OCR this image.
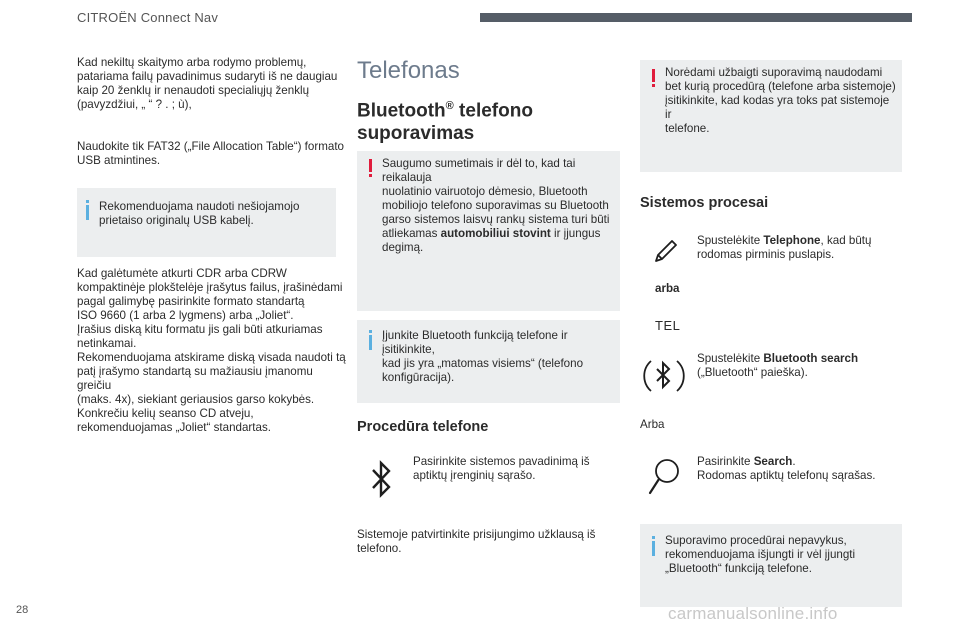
CITROËN Connect Nav
Kad nekiltų skaitymo arba rodymo problemų,
patariama failų pavadinimus sudaryti iš ne daugiau
kaip 20 ženklų ir nenaudoti specialiųjų ženklų
(pavyzdžiui, „ “ ? . ; ù),
Naudokite tik FAT32 („File Allocation Table“) formato
USB atmintines.
Rekomenduojama naudoti nešiojamojo
prietaiso originalų USB kabelį.
Kad galėtumėte atkurti CDR arba CDRW
kompaktinėje plokštelėje įrašytus failus, įrašinėdami
pagal galimybę pasirinkite formato standartą
ISO 9660 (1 arba 2 lygmens) arba „Joliet“.
Įrašius diską kitu formatu jis gali būti atkuriamas
netinkamai.
Rekomenduojama atskirame diską visada naudoti tą
patį įrašymo standartą su mažiausiu įmanomu greičiu
(maks. 4x), siekiant geriausios garso kokybės.
Konkrečiu kelių seanso CD atveju,
rekomenduojamas „Joliet“ standartas.
Telefonas
Bluetooth® telefono
suporavimas
Saugumo sumetimais ir dėl to, kad tai reikalauja
nuolatinio vairuotojo dėmesio, Bluetooth
mobiliojo telefono suporavimas su Bluetooth
garso sistemos laisvų rankų sistema turi būti
atliekamas automobiliui stovint ir įjungus
degimą.
Įjunkite Bluetooth funkciją telefone ir įsitikinkite,
kad jis yra „matomas visiems“ (telefono
konfigūracija).
Procedūra telefone
Pasirinkite sistemos pavadinimą iš
aptiktų įrenginių sąrašo.
Sistemoje patvirtinkite prisijungimo užklausą iš
telefono.
Norėdami užbaigti suporavimą naudodami
bet kurią procedūrą (telefone arba sistemoje)
įsitikinkite, kad kodas yra toks pat sistemoje ir
telefone.
Sistemos procesai
Spustelėkite Telephone, kad būtų
rodomas pirminis puslapis.
arba
TEL
Spustelėkite Bluetooth search
(„Bluetooth“ paieška).
Arba
Pasirinkite Search.
Rodomas aptiktų telefonų sąrašas.
Suporavimo procedūrai nepavykus,
rekomenduojama išjungti ir vėl įjungti
„Bluetooth“ funkciją telefone.
28	carmanualsonline.info
